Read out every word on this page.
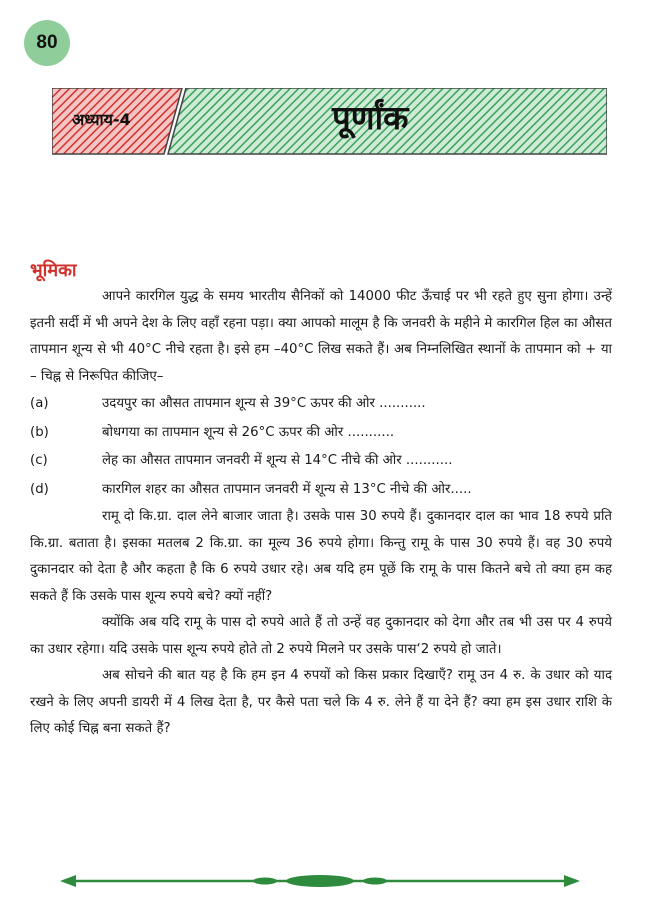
80
अध्याय-4	पूर्णांक
भूमिका

आपने कारगिल युद्ध के समय भारतीय सैनिकों को 14000 फीट ऊँचाई पर भी रहते हुए सुना होगा। उन्हें इतनी सर्दी में भी अपने देश के लिए वहाँ रहना पड़ा। क्या आपको मालूम है कि जनवरी के महीने मे कारगिल हिल का औसत तापमान शून्य से भी 40°C नीचे रहता है। इसे हम –40°C लिख सकते हैं। अब निम्नलिखित स्थानों के तापमान को + या – चिह्न से निरूपित कीजिए–

(a)	उदयपुर का औसत तापमान शून्य से 39°C ऊपर की ओर ...........
(b)	बोधगया का तापमान शून्य से 26°C ऊपर की ओर ...........
(c)	लेह का औसत तापमान जनवरी में शून्य से 14°C नीचे की ओर ...........
(d)	कारगिल शहर का औसत तापमान जनवरी में शून्य से 13°C नीचे की ओर.....

रामू दो कि.ग्रा. दाल लेने बाजार जाता है। उसके पास 30 रुपये हैं। दुकानदार दाल का भाव 18 रुपये प्रति कि.ग्रा. बताता है। इसका मतलब 2 कि.ग्रा. का मूल्य 36 रुपये होगा। किन्तु रामू के पास 30 रुपये हैं। वह 30 रुपये दुकानदार को देता है और कहता है कि 6 रुपये उधार रहे। अब यदि हम पूछें कि रामू के पास कितने बचे तो क्या हम कह सकते हैं कि उसके पास शून्य रुपये बचे? क्यों नहीं?

क्योंकि अब यदि रामू के पास दो रुपये आते हैं तो उन्हें वह दुकानदार को देगा और तब भी उस पर 4 रुपये का उधार रहेगा। यदि उसके पास शून्य रुपये होते तो 2 रुपये मिलने पर उसके पास‘2 रुपये हो जाते।

अब सोचने की बात यह है कि हम इन 4 रुपयों को किस प्रकार दिखाएँ? रामू उन 4 रु. के उधार को याद रखने के लिए अपनी डायरी में 4 लिख देता है, पर कैसे पता चले कि 4 रु. लेने हैं या देने हैं? क्या हम इस उधार राशि के लिए कोई चिह्न बना सकते हैं?
